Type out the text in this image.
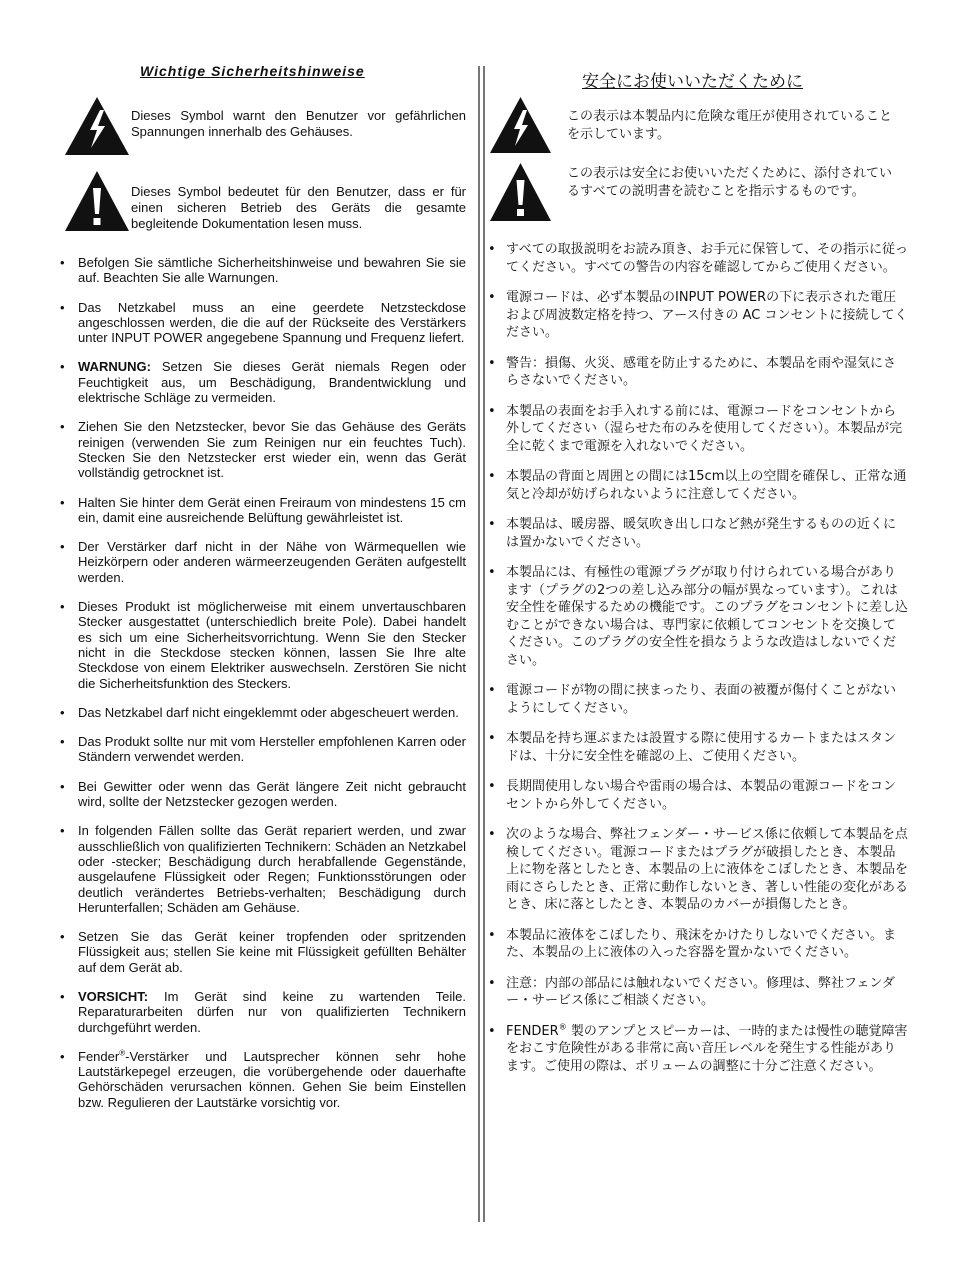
Wichtige Sicherheitshinweise
Dieses Symbol warnt den Benutzer vor gefährlichen Spannungen innerhalb des Gehäuses.
Dieses Symbol bedeutet für den Benutzer, dass er für einen sicheren Betrieb des Geräts die gesamte begleitende Dokumentation lesen muss.
• Befolgen Sie sämtliche Sicherheitshinweise und bewahren Sie sie auf. Beachten Sie alle Warnungen.
• Das Netzkabel muss an eine geerdete Netzsteckdose angeschlossen werden, die die auf der Rückseite des Verstärkers unter INPUT POWER angegebene Spannung und Frequenz liefert.
• WARNUNG: Setzen Sie dieses Gerät niemals Regen oder Feuchtigkeit aus, um Beschädigung, Brandentwicklung und elektrische Schläge zu vermeiden.
• Ziehen Sie den Netzstecker, bevor Sie das Gehäuse des Geräts reinigen (verwenden Sie zum Reinigen nur ein feuchtes Tuch). Stecken Sie den Netzstecker erst wieder ein, wenn das Gerät vollständig getrocknet ist.
• Halten Sie hinter dem Gerät einen Freiraum von mindestens 15 cm ein, damit eine ausreichende Belüftung gewährleistet ist.
• Der Verstärker darf nicht in der Nähe von Wärmequellen wie Heizkörpern oder anderen wärmeerzeugenden Geräten aufgestellt werden.
• Dieses Produkt ist möglicherweise mit einem unvertauschbaren Stecker ausgestattet (unterschiedlich breite Pole). Dabei handelt es sich um eine Sicherheitsvorrichtung. Wenn Sie den Stecker nicht in die Steckdose stecken können, lassen Sie Ihre alte Steckdose von einem Elektriker auswechseln. Zerstören Sie nicht die Sicherheitsfunktion des Steckers.
• Das Netzkabel darf nicht eingeklemmt oder abgescheuert werden.
• Das Produkt sollte nur mit vom Hersteller empfohlenen Karren oder Ständern verwendet werden.
• Bei Gewitter oder wenn das Gerät längere Zeit nicht gebraucht wird, sollte der Netzstecker gezogen werden.
• In folgenden Fällen sollte das Gerät repariert werden, und zwar ausschließlich von qualifizierten Technikern: Schäden an Netzkabel oder -stecker; Beschädigung durch herabfallende Gegenstände, ausgelaufene Flüssigkeit oder Regen; Funktionsstörungen oder deutlich verändertes Betriebs-verhalten; Beschädigung durch Herunterfallen; Schäden am Gehäuse.
• Setzen Sie das Gerät keiner tropfenden oder spritzenden Flüssigkeit aus; stellen Sie keine mit Flüssigkeit gefüllten Behälter auf dem Gerät ab.
• VORSICHT: Im Gerät sind keine zu wartenden Teile. Reparaturarbeiten dürfen nur von qualifizierten Technikern durchgeführt werden.
• Fender®-Verstärker und Lautsprecher können sehr hohe Lautstärkepegel erzeugen, die vorübergehende oder dauerhafte Gehörschäden verursachen können. Gehen Sie beim Einstellen bzw. Regulieren der Lautstärke vorsichtig vor.
安全にお使いいただくために
この表示は本製品内に危険な電圧が使用されていることを示しています。
この表示は安全にお使いいただくために、添付されているすべての説明書を読むことを指示するものです。
• すべての取扱説明をお読み頂き、お手元に保管して、その指示に従ってください。すべての警告の内容を確認してからご使用ください。
• 電源コードは、必ず本製品のINPUT POWERの下に表示された電圧および周波数定格を持つ、アース付きの AC コンセントに接続してください。
• 警告：損傷、火災、感電を防止するために、本製品を雨や湿気にさらさないでください。
• 本製品の表面をお手入れする前には、電源コードをコンセントから外してください（湿らせた布のみを使用してください）。本製品が完全に乾くまで電源を入れないでください。
• 本製品の背面と周囲との間には15cm以上の空間を確保し、正常な通気と冷却が妨げられないように注意してください。
• 本製品は、暖房器、暖気吹き出し口など熱が発生するものの近くには置かないでください。
• 本製品には、有極性の電源プラグが取り付けられている場合があります（プラグの2つの差し込み部分の幅が異なっています）。これは安全性を確保するための機能です。このプラグをコンセントに差し込むことができない場合は、専門家に依頼してコンセントを交換してください。このプラグの安全性を損なうような改造はしないでください。
• 電源コードが物の間に挟まったり、表面の被覆が傷付くことがないようにしてください。
• 本製品を持ち運ぶまたは設置する際に使用するカートまたはスタンドは、十分に安全性を確認の上、ご使用ください。
• 長期間使用しない場合や雷雨の場合は、本製品の電源コードをコンセントから外してください。
• 次のような場合、弊社フェンダー・サービス係に依頼して本製品を点検してください。電源コードまたはプラグが破損したとき、本製品上に物を落としたとき、本製品の上に液体をこぼしたとき、本製品を雨にさらしたとき、正常に動作しないとき、著しい性能の変化があるとき、床に落としたとき、本製品のカバーが損傷したとき。
• 本製品に液体をこぼしたり、飛沫をかけたりしないでください。また、本製品の上に液体の入った容器を置かないでください。
• 注意：内部の部品には触れないでください。修理は、弊社フェンダー・サービス係にご相談ください。
• FENDER® 製のアンプとスピーカーは、一時的または慢性の聴覚障害をおこす危険性がある非常に高い音圧レベルを発生する性能があります。ご使用の際は、ボリュームの調整に十分ご注意ください。
